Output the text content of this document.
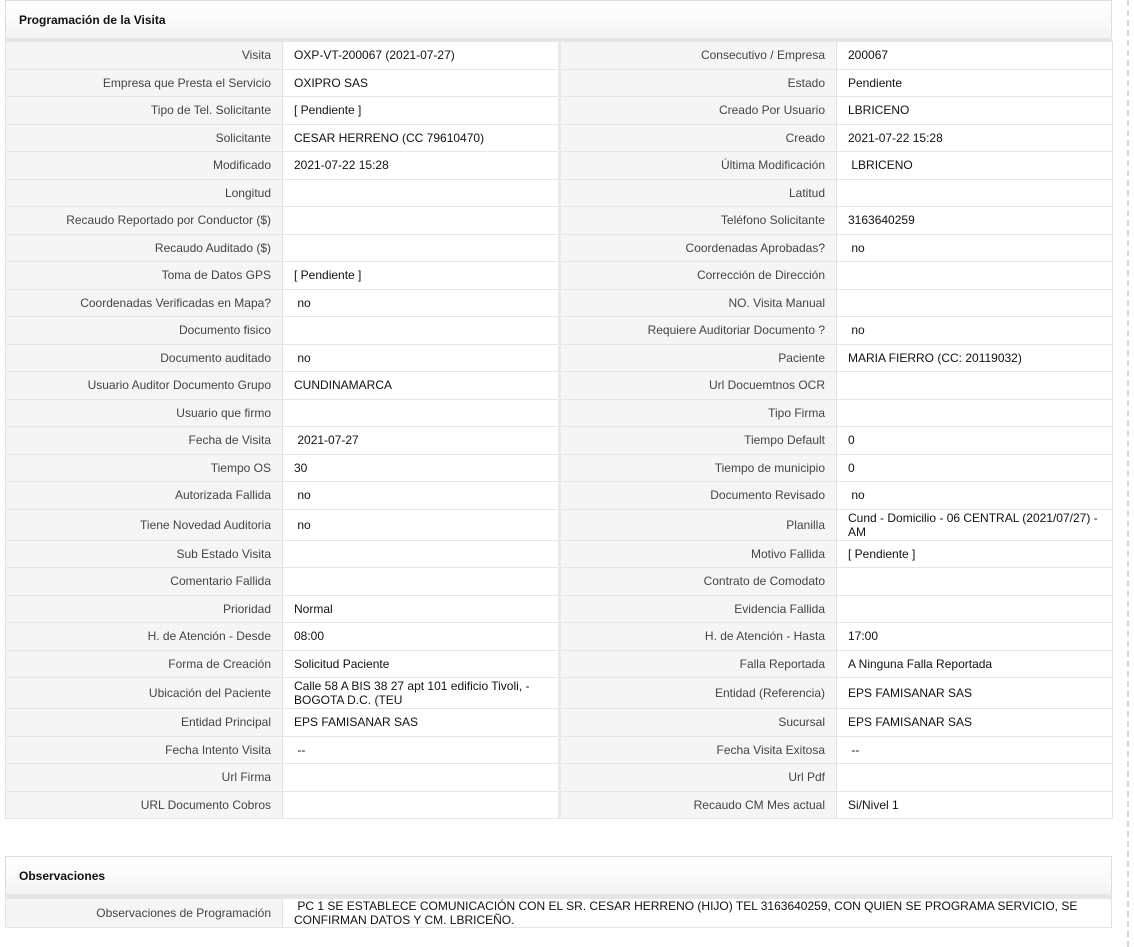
Programación de la Visita
Visita	OXP-VT-200067 (2021-07-27)	Consecutivo / Empresa	200067
Empresa que Presta el Servicio	OXIPRO SAS	Estado	Pendiente
Tipo de Tel. Solicitante	[ Pendiente ]	Creado Por Usuario	LBRICENO
Solicitante	CESAR HERRENO (CC 79610470)	Creado	2021-07-22 15:28
Modificado	2021-07-22 15:28	Última Modificación	LBRICENO
Longitud		Latitud	
Recaudo Reportado por Conductor ($)		Teléfono Solicitante	3163640259
Recaudo Auditado ($)		Coordenadas Aprobadas?	no
Toma de Datos GPS	[ Pendiente ]	Corrección de Dirección	
Coordenadas Verificadas en Mapa?	no	NO. Visita Manual	
Documento fisico		Requiere Auditoriar Documento ?	no
Documento auditado	no	Paciente	MARIA FIERRO (CC: 20119032)
Usuario Auditor Documento Grupo	CUNDINAMARCA	Url Docuemtnos OCR	
Usuario que firmo		Tipo Firma	
Fecha de Visita	2021-07-27	Tiempo Default	0
Tiempo OS	30	Tiempo de municipio	0
Autorizada Fallida	no	Documento Revisado	no
Tiene Novedad Auditoria	no	Planilla	Cund - Domicilio - 06 CENTRAL (2021/07/27) - AM
Sub Estado Visita		Motivo Fallida	[ Pendiente ]
Comentario Fallida		Contrato de Comodato	
Prioridad	Normal	Evidencia Fallida	
H. de Atención - Desde	08:00	H. de Atención - Hasta	17:00
Forma de Creación	Solicitud Paciente	Falla Reportada	A Ninguna Falla Reportada
Ubicación del Paciente	Calle 58 A BIS 38 27 apt 101 edificio Tivoli, - BOGOTA D.C. (TEU	Entidad (Referencia)	EPS FAMISANAR SAS
Entidad Principal	EPS FAMISANAR SAS	Sucursal	EPS FAMISANAR SAS
Fecha Intento Visita	--	Fecha Visita Exitosa	--
Url Firma		Url Pdf	
URL Documento Cobros		Recaudo CM Mes actual	Si/Nivel 1
Observaciones
Observaciones de Programación	PC 1 SE ESTABLECE COMUNICACIÓN CON EL SR. CESAR HERRENO (HIJO) TEL 3163640259, CON QUIEN SE PROGRAMA SERVICIO, SE CONFIRMAN DATOS Y CM. LBRICEÑO.
